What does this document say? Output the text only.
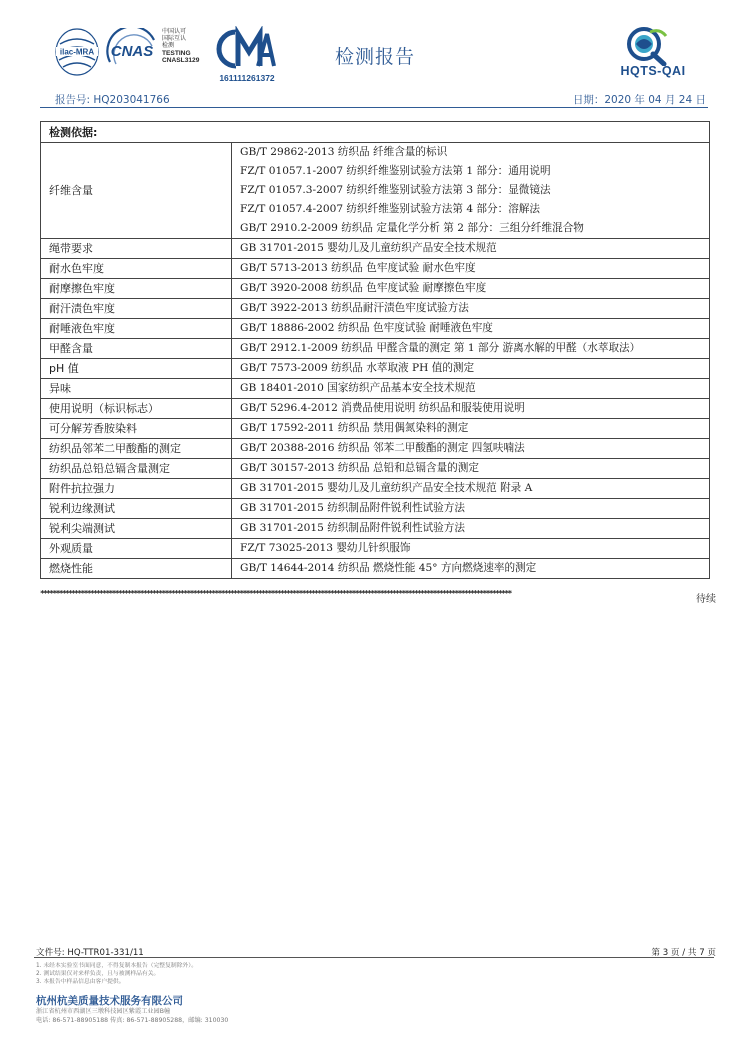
ilac-MRA CNAS
中国认可
国际互认
检测
TESTING
CNASL3129
161111261372
检测报告
HQTS-QAI
报告号: HQ203041766	日期：2020 年 04 月 24 日
检测依据:	
纤维含量	GB/T 29862-2013 纺织品 纤维含量的标识
FZ/T 01057.1-2007 纺织纤维鉴别试验方法第 1 部分：通用说明
FZ/T 01057.3-2007 纺织纤维鉴别试验方法第 3 部分：显微镜法
FZ/T 01057.4-2007 纺织纤维鉴别试验方法第 4 部分：溶解法
GB/T 2910.2-2009 纺织品 定量化学分析 第 2 部分：三组分纤维混合物

绳带要求	GB 31701-2015 婴幼儿及儿童纺织产品安全技术规范
耐水色牢度	GB/T 5713-2013 纺织品 色牢度试验 耐水色牢度
耐摩擦色牢度	GB/T 3920-2008 纺织品 色牢度试验 耐摩擦色牢度
耐汗渍色牢度	GB/T 3922-2013 纺织品耐汗渍色牢度试验方法
耐唾液色牢度	GB/T 18886-2002 纺织品 色牢度试验 耐唾液色牢度
甲醛含量	GB/T 2912.1-2009 纺织品 甲醛含量的测定 第 1 部分 游离水解的甲醛（水萃取法）
pH 值	GB/T 7573-2009 纺织品 水萃取液 PH 值的测定
异味	GB 18401-2010 国家纺织产品基本安全技术规范
使用说明（标识标志）	GB/T 5296.4-2012 消费品使用说明 纺织品和服装使用说明
可分解芳香胺染料	GB/T 17592-2011 纺织品 禁用偶氮染料的测定
纺织品邻苯二甲酸酯的测定	GB/T 20388-2016 纺织品 邻苯二甲酸酯的测定 四氢呋喃法
纺织品总铅总镉含量测定	GB/T 30157-2013 纺织品 总铅和总镉含量的测定
附件抗拉强力	GB 31701-2015 婴幼儿及儿童纺织产品安全技术规范 附录 A
锐利边缘测试	GB 31701-2015 纺织制品附件锐利性试验方法
锐利尖端测试	GB 31701-2015 纺织制品附件锐利性试验方法
外观质量	FZ/T 73025-2013 婴幼儿针织服饰
燃烧性能	GB/T 14644-2014 纺织品 燃烧性能 45° 方向燃烧速率的测定
*******************************************************************************************************************************************************
待续
文件号: HQ-TTR01-331/11	第 3 页 / 共 7 页
1. 未经本实验室书面同意，不得复制本报告（完整复制除外）。
2. 测试结果仅对来样负责，且与被测样品有关。
3. 本报告中样品信息由客户提供。
杭州杭美质量技术服务有限公司
浙江省杭州市西湖区三墩科技园区紫霞工业园B幢
电话: 86-571-88905188 传真: 86-571-88905288，邮编: 310030
